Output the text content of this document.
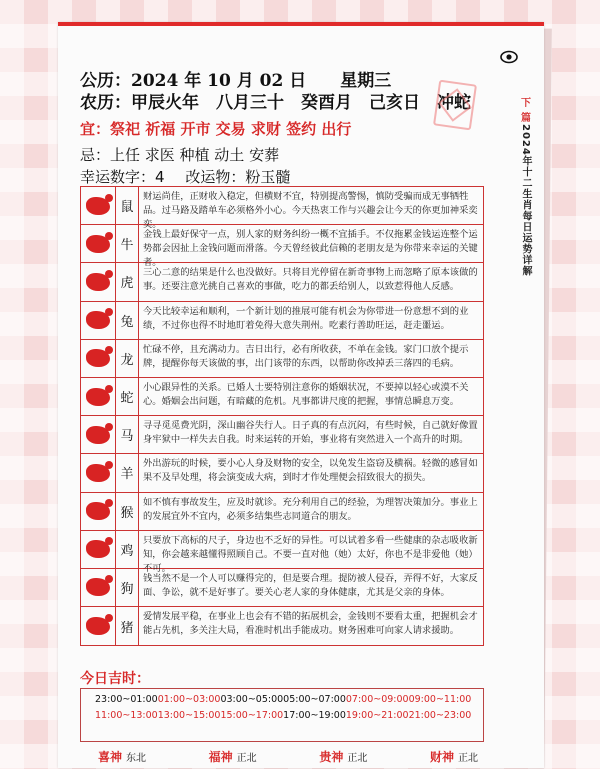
下篇
2024年十二生肖每日运势详解
公历：2024 年 10 月 02 日　　 星期三
农历：甲辰火年　八月三十　癸酉月　己亥日　 冲蛇
宜：祭祀 祈福 开市 交易 求财 签约 出行
忌：上任 求医 种植 动土 安葬
幸运数字：4 改运物：粉玉髓
鼠
财运尚佳，正财收入稳定，但横财不宜，特别提高警惕，慎防受骗而成无事牺牲品。过马路及踏单车必须格外小心。今天热衷工作与兴趣会让今天的你更加神采奕奕。
牛
金钱上最好保守一点，别人家的财务纠纷一概不宜插手。不仅拖累金钱运连整个运势都会因扯上金钱问题而滑落。今天曾经彼此信赖的老朋友是为你带来幸运的关键者。
虎
三心二意的结果是什么也没做好。只将目光停留在新奇事物上而忽略了原本该做的事。还要注意光挑自己喜欢的事做，吃力的都丢给别人，以致惹得他人反感。
兔
今天比较幸运和顺利，一个新计划的推展可能有机会为你带进一份意想不到的业绩，不过你也得不时地盯着免得大意失荆州。吃素行善助旺运，赶走噩运。
龙
忙碌不停，且充满动力。吉日出行，必有所收获，不单在金钱。家门口放个提示牌，提醒你每天该做的事，出门该带的东西，以帮助你改掉丢三落四的毛病。
蛇
小心跟异性的关系。已婚人士要特别注意你的婚姻状况，不要掉以轻心或漠不关心。婚姻会出问题，有暗藏的危机。凡事都讲尺度的把握，事情总瞬息万变。
马
寻寻觅觅费光阴，深山幽谷失行人。日子真的有点沉闷，有些时候，自己就好像置身牢狱中一样失去自我。时来运转的开始，事业将有突然进入一个高升的时期。
羊
外出游玩的时候，要小心人身及财物的安全，以免发生盗窃及横祸。轻微的感冒如果不及早处理，将会演变成大病，到时才作处理便会招致很大的损失。
猴
如不慎有事故发生，应及时就诊。充分利用自己的经验，为理智决策加分。事业上的发展宜外不宜内，必须多结集些志同道合的朋友。
鸡
只要放下高标的尺子，身边也不乏好的异性。可以试着多看一些健康的杂志吸收新知，你会越来越懂得照顾自己。不要一直对他（她）太好，你也不是非爱他（她）不可。
狗
钱当然不是一个人可以赚得完的，但是要合理。提防被人侵吞，弄得不好，大家反面、争讼，就不是好事了。要关心老人家的身体健康，尤其是父亲的身体。
猪
爱情发展平稳，在事业上也会有不错的拓展机会，金钱则不要看太重，把握机会才能占先机，多关注大局，看准时机出手能成功。财务困难可向家人请求援助。
今日吉时：
23:00~01:00 01:00~03:00 03:00~05:00 05:00~07:00 07:00~09:00 09:00~11:00
11:00~13:00 13:00~15:00 15:00~17:00 17:00~19:00 19:00~21:00 21:00~23:00
喜神 东北	福神 正北	贵神 正北	财神 正北
